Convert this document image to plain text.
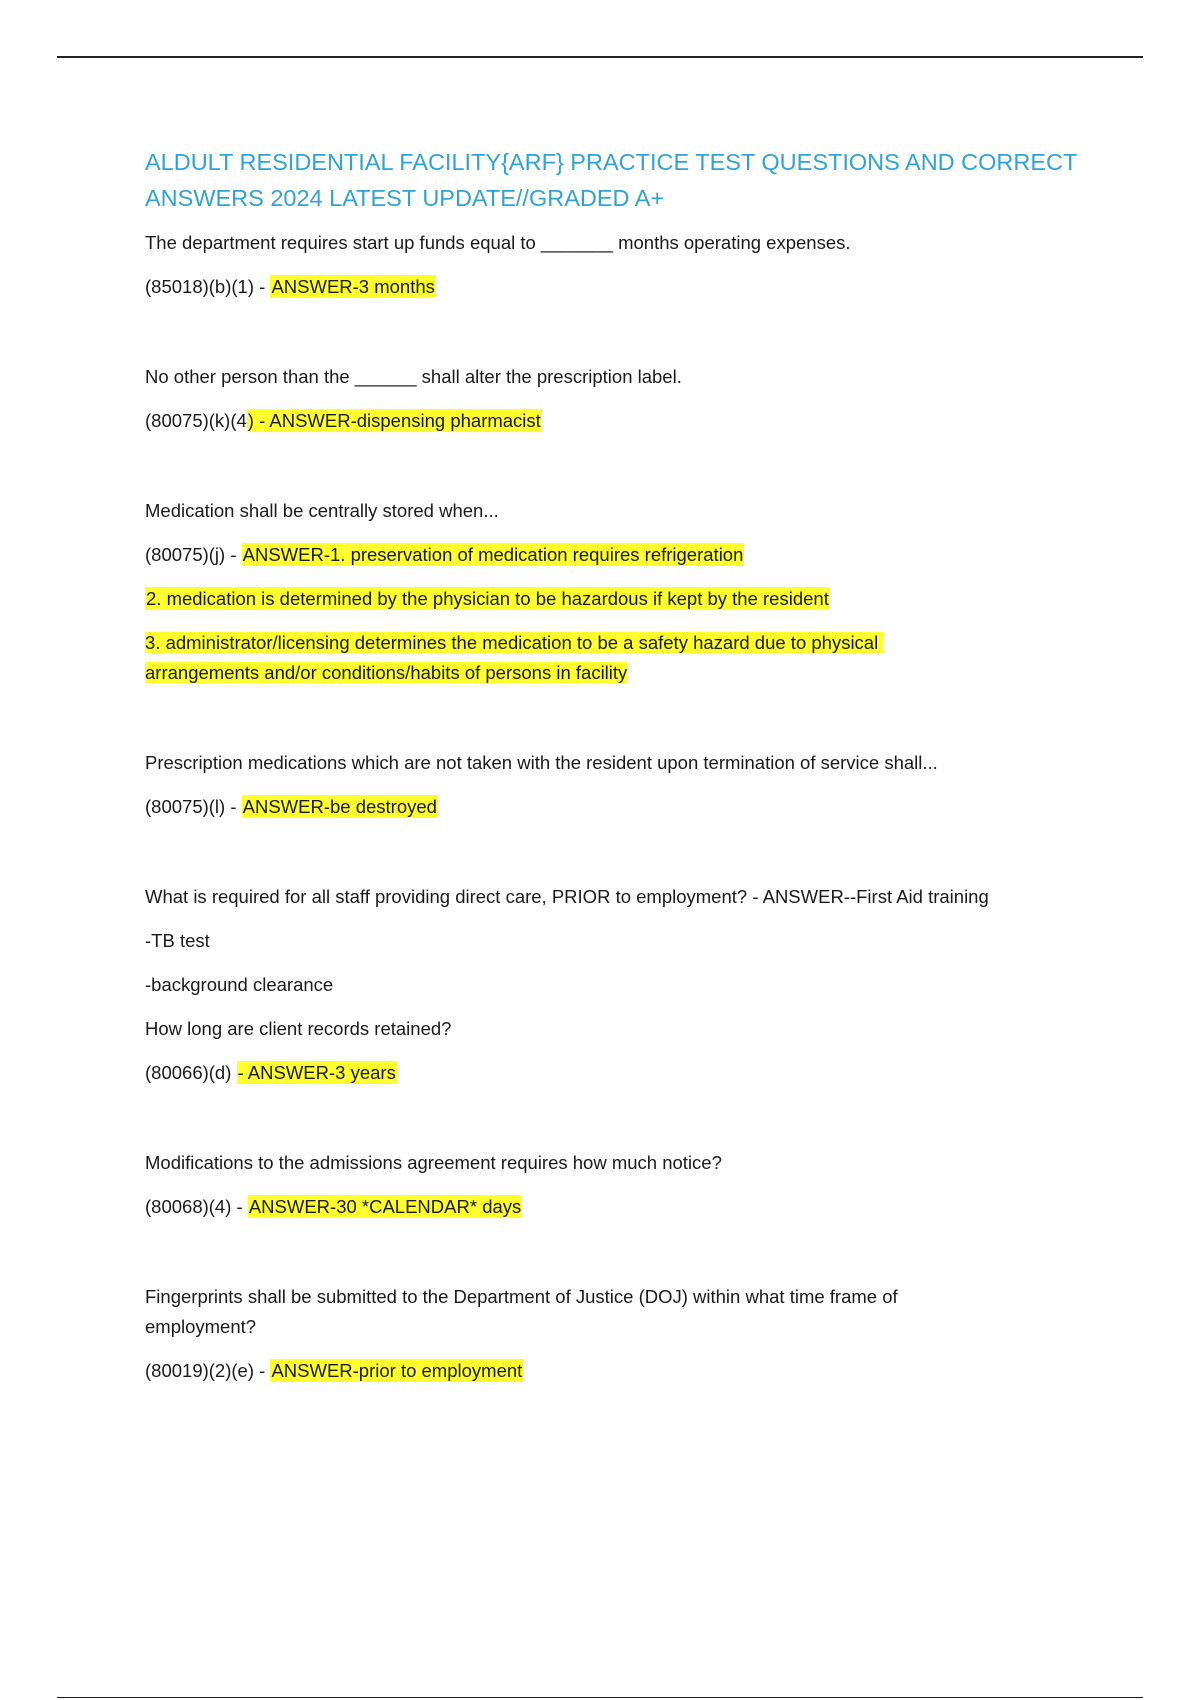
ALDULT RESIDENTIAL FACILITY{ARF} PRACTICE TEST QUESTIONS AND CORRECT ANSWERS 2024 LATEST UPDATE//GRADED A+

The department requires start up funds equal to _______ months operating expenses.

(85018)(b)(1) - ANSWER-3 months

No other person than the ______ shall alter the prescription label.

(80075)(k)(4) - ANSWER-dispensing pharmacist

Medication shall be centrally stored when...

(80075)(j) - ANSWER-1. preservation of medication requires refrigeration

2. medication is determined by the physician to be hazardous if kept by the resident

3. administrator/licensing determines the medication to be a safety hazard due to physical arrangements and/or conditions/habits of persons in facility

Prescription medications which are not taken with the resident upon termination of service shall...

(80075)(l) - ANSWER-be destroyed

What is required for all staff providing direct care, PRIOR to employment? - ANSWER--First Aid training

-TB test

-background clearance

How long are client records retained?

(80066)(d) - ANSWER-3 years

Modifications to the admissions agreement requires how much notice?

(80068)(4) - ANSWER-30 *CALENDAR* days

Fingerprints shall be submitted to the Department of Justice (DOJ) within what time frame of employment?

(80019)(2)(e) - ANSWER-prior to employment
